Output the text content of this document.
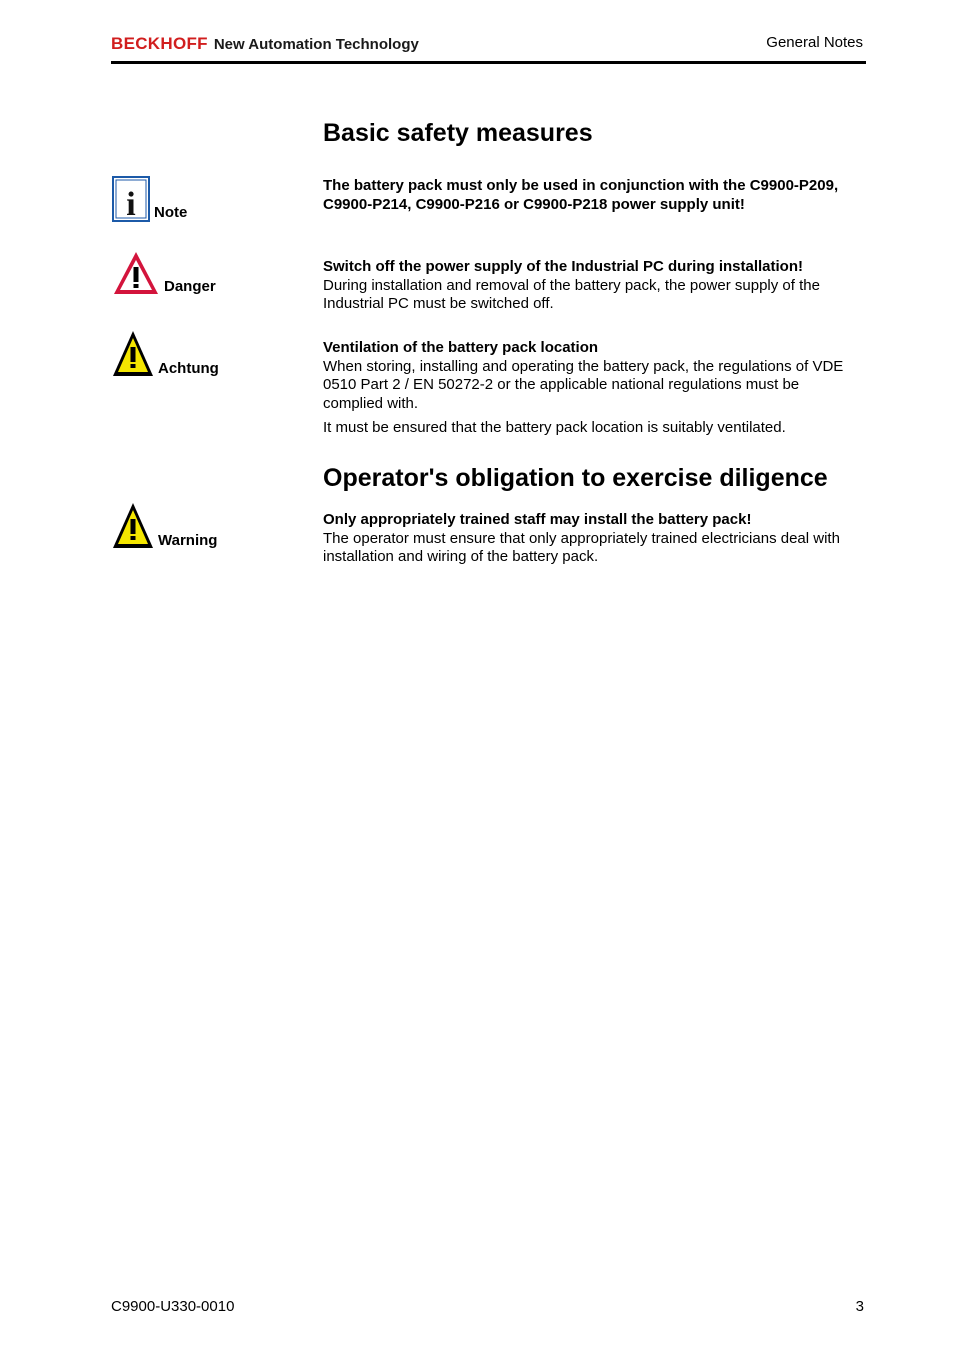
BECKHOFF New Automation Technology	General Notes
Basic safety measures
i Note

The battery pack must only be used in conjunction with the C9900-P209, C9900-P214, C9900-P216 or C9900-P218 power supply unit!

Danger

Switch off the power supply of the Industrial PC during installation!

During installation and removal of the battery pack, the power supply of the Industrial PC must be switched off.

Achtung

Ventilation of the battery pack location

When storing, installing and operating the battery pack, the regulations of VDE 0510 Part 2 / EN 50272-2 or the applicable national regulations must be complied with.

It must be ensured that the battery pack location is suitably ventilated.

Operator's obligation to exercise diligence
Warning

Only appropriately trained staff may install the battery pack!

The operator must ensure that only appropriately trained electricians deal with installation and wiring of the battery pack.

C9900-U330-0010	3
